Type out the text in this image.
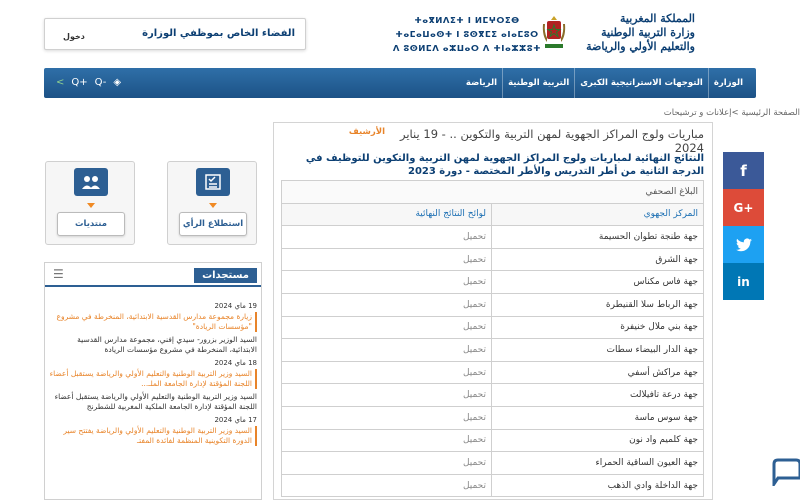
المملكة المغربية
وزارة التربية الوطنية
والتعليم الأولي والرياضة
ⵜⴰⴳⵍⴷⵉⵜ ⵏ ⵍⵎⵖⵔⵉⴱ
ⵜⴰⵎⴰⵡⴰⵙⵜ ⵏ ⵓⵙⴳⵎⵉ ⴰⵏⴰⵎⵓⵔ
ⴷ ⵓⵙⵍⵎⴷ ⴰⵣⵡⴰⵔ ⴷ ⵜⵏⴰⵣⵣⵓⵜ
الفضاء الخاص بموظفي الوزارة
دخول
الوزارة
التوجهات الاستراتيجية الكبرى
التربية الوطنية
الرياضة
< Q+ Q- ◈
الصفحة الرئيسية >إعلانات و ترشيحات
الأرشيف	مباريات ولوج المراكز الجهوية لمهن التربية والتكوين .. - 19 يناير 2024
النتائج النهائية لمباريات ولوج المراكز الجهوية لمهن التربية والتكوين للتوظيف في الدرجة الثانية من أطر التدريس والأطر المختصة - دورة 2023
البلاغ الصحفي	
المركز الجهوي	لوائح النتائج النهائية
جهة طنجة تطوان الحسيمة	تحميل
جهة الشرق	تحميل
جهة فاس مكناس	تحميل
جهة الرباط سلا القنيطرة	تحميل
جهة بني ملال خنيفرة	تحميل
جهة الدار البيضاء سطات	تحميل
جهة مراكش أسفي	تحميل
جهة درعة تافيلالت	تحميل
جهة سوس ماسة	تحميل
جهة كلميم واد نون	تحميل
جهة العيون الساقية الحمراء	تحميل
جهة الداخلة وادي الذهب	تحميل
f
G+
in
استطلاع الرأي
منتديات
مستجدات
☰
19 ماي 2024
زيارة مجموعة مدارس القدسية الابتدائية، المنخرطة في مشروع "مؤسسات الريادة"
السيد الوزير بزرور- سيدي إفني، مجموعة مدارس القدسية الابتدائية، المنخرطة في مشروع مؤسسات الريادة
18 ماي 2024
السيد وزير التربية الوطنية والتعليم الأولي والرياضة يستقبل أعضاء اللجنة المؤقتة لإدارة الجامعة الملـ...
السيد وزير التربية الوطنية والتعليم الأولي والرياضة يستقبل أعضاء اللجنة المؤقتة لإدارة الجامعة الملكية المغربية للشطرنج
17 ماي 2024
السيد وزير التربية الوطنية والتعليم الأولي والرياضة يفتتح سير الدورة التكوينية المنظمة لفائدة المفتـ
